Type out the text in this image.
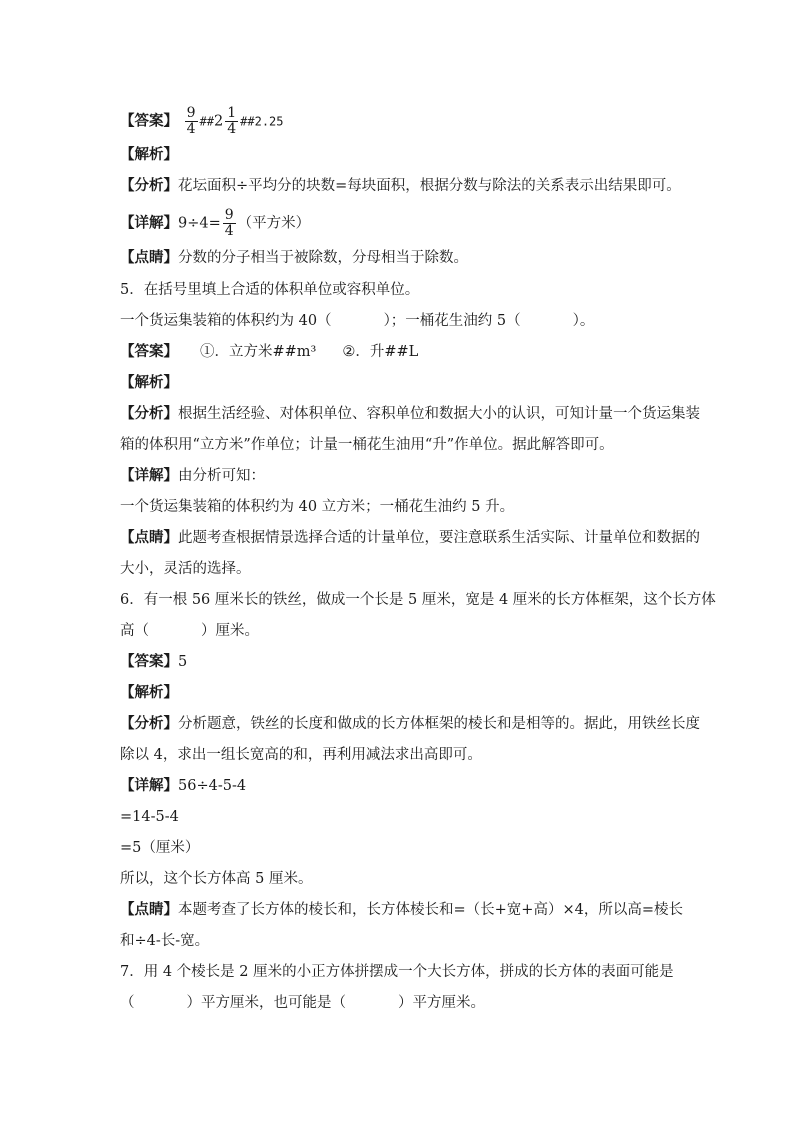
【答案】 $\frac{9}{4}$ ##2 $\frac{1}{4}$ ##2.25
【解析】
【分析】花坛面积÷平均分的块数=每块面积，根据分数与除法的关系表示出结果即可。
【详解】$9\div 4= \frac{9}{4}$ （平方米）
【点睛】分数的分子相当于被除数，分母相当于除数。
5．在括号里填上合适的体积单位或容积单位。
一个货运集装箱的体积约为 40（	）；一桶花生油约 5（	）。
【答案】 ①．立方米##m³ ②．升##L
【解析】
【分析】根据生活经验、对体积单位、容积单位和数据大小的认识，可知计量一个货运集装
箱的体积用“立方米”作单位；计量一桶花生油用“升”作单位。据此解答即可。
【详解】由分析可知：
一个货运集装箱的体积约为 40 立方米；一桶花生油约 5 升。
【点睛】此题考查根据情景选择合适的计量单位，要注意联系生活实际、计量单位和数据的
大小，灵活的选择。
6．有一根 56 厘米长的铁丝，做成一个长是 5 厘米，宽是 4 厘米的长方体框架，这个长方体
高（	）厘米。
【答案】5
【解析】
【分析】分析题意，铁丝的长度和做成的长方体框架的棱长和是相等的。据此，用铁丝长度
除以 4，求出一组长宽高的和，再利用减法求出高即可。
【详解】56÷4-5-4
=14-5-4
=5（厘米）
所以，这个长方体高 5 厘米。
【点睛】本题考查了长方体的棱长和，长方体棱长和=（长+宽+高）×4，所以高=棱长
和÷4-长-宽。
7．用 4 个棱长是 2 厘米的小正方体拼摆成一个大长方体，拼成的长方体的表面可能是
（	）平方厘米，也可能是（	）平方厘米。
